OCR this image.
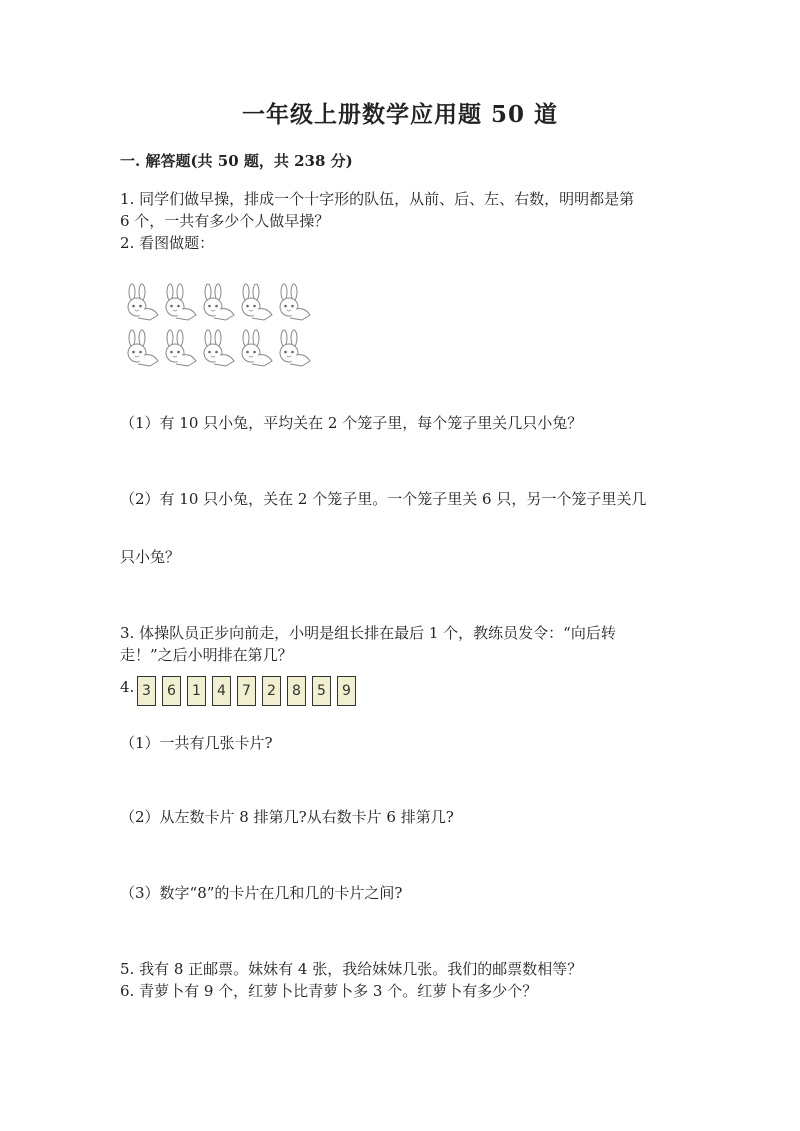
一年级上册数学应用题 50 道
一. 解答题(共 50 题，共 238 分)
1. 同学们做早操，排成一个十字形的队伍，从前、后、左、右数，明明都是第
6 个，一共有多少个人做早操？
2. 看图做题：
（1）有 10 只小兔，平均关在 2 个笼子里，每个笼子里关几只小兔？
（2）有 10 只小兔，关在 2 个笼子里。一个笼子里关 6 只，另一个笼子里关几
只小兔？
3. 体操队员正步向前走，小明是组长排在最后 1 个，教练员发令：“向后转
走！”之后小明排在第几？
4. 3	6	1	4	7	2	8	5	9
（1）一共有几张卡片?
（2）从左数卡片 8 排第几?从右数卡片 6 排第几?
（3）数字“8”的卡片在几和几的卡片之间?
5. 我有 8 正邮票。妹妹有 4 张，我给妹妹几张。我们的邮票数相等？
6. 青萝卜有 9 个，红萝卜比青萝卜多 3 个。红萝卜有多少个？
